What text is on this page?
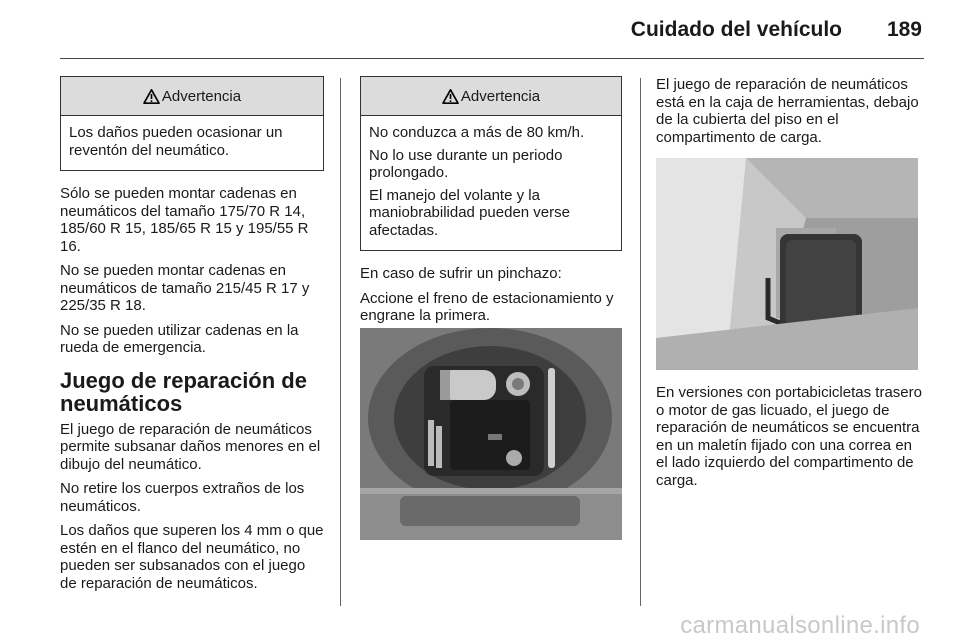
Cuidado del vehículo	189
Advertencia

Los daños pueden ocasionar un reventón del neumático.

Sólo se pueden montar cadenas en neumáticos del tamaño 175/70 R 14, 185/60 R 15, 185/65 R 15 y 195/55 R 16.

No se pueden montar cadenas en neumáticos de tamaño 215/45 R 17 y 225/35 R 18.

No se pueden utilizar cadenas en la rueda de emergencia.

Juego de reparación de neumáticos

El juego de reparación de neumáticos permite subsanar daños menores en el dibujo del neumático.

No retire los cuerpos extraños de los neumáticos.

Los daños que superen los 4 mm o que estén en el flanco del neumático, no pueden ser subsanados con el juego de reparación de neumáticos.

Advertencia

No conduzca a más de 80 km/h.

No lo use durante un periodo prolongado.

El manejo del volante y la maniobrabilidad pueden verse afectadas.

En caso de sufrir un pinchazo:

Accione el freno de estacionamiento y engrane la primera.

El juego de reparación de neumáticos está en la caja de herramientas, debajo de la cubierta del piso en el compartimento de carga.

En versiones con portabicicletas trasero o motor de gas licuado, el juego de reparación de neumáticos se encuentra en un maletín fijado con una correa en el lado izquierdo del compartimento de carga.

carmanualsonline.info
